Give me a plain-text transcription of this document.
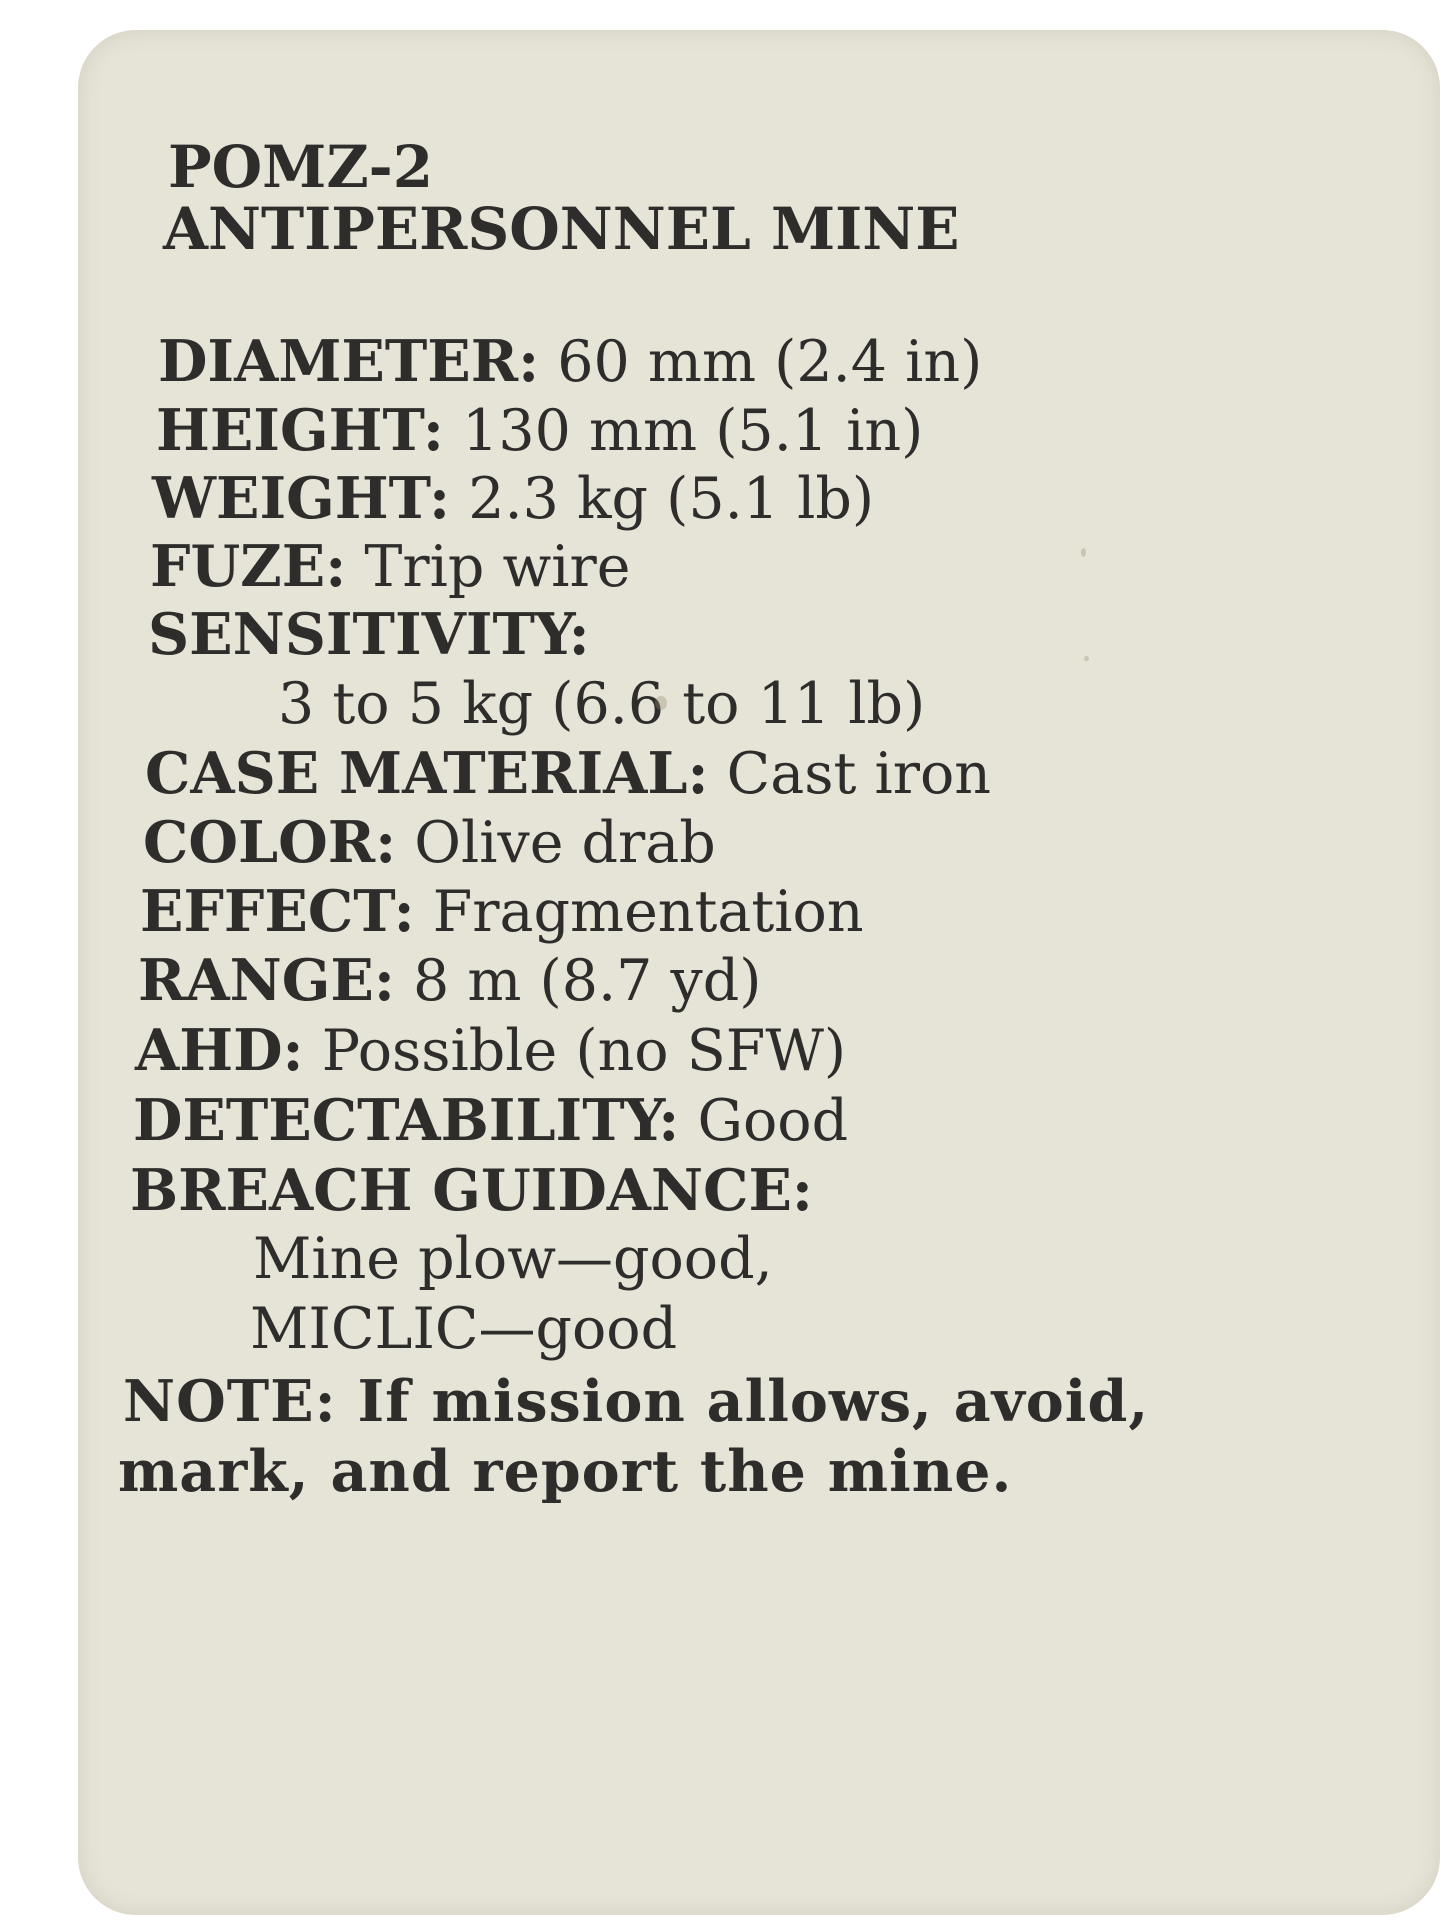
POMZ-2
ANTIPERSONNEL MINE
DIAMETER: 60 mm (2.4 in)
HEIGHT: 130 mm (5.1 in)
WEIGHT: 2.3 kg (5.1 lb)
FUZE: Trip wire
SENSITIVITY:
3 to 5 kg (6.6 to 11 lb)
CASE MATERIAL: Cast iron
COLOR: Olive drab
EFFECT: Fragmentation
RANGE: 8 m (8.7 yd)
AHD: Possible (no SFW)
DETECTABILITY: Good
BREACH GUIDANCE:
Mine plow—good,
MICLIC—good
NOTE: If mission allows, avoid,
mark, and report the mine.
